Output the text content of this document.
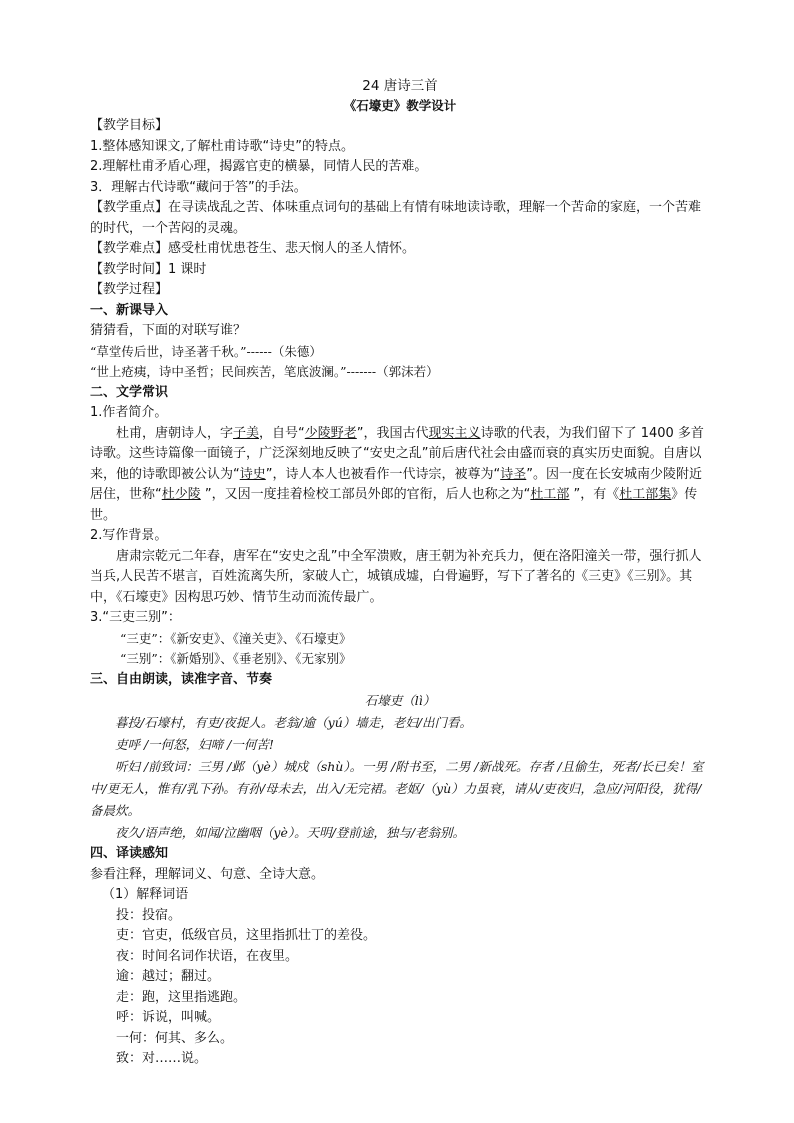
24 唐诗三首
《石壕吏》教学设计
【教学目标】
1.整体感知课文,了解杜甫诗歌“诗史”的特点。
2.理解杜甫矛盾心理，揭露官吏的横暴，同情人民的苦难。
3．理解古代诗歌“藏问于答”的手法。
【教学重点】在寻读战乱之苦、体味重点词句的基础上有情有味地读诗歌，理解一个苦命的家庭，一个苦难的时代，一个苦闷的灵魂。
【教学难点】感受杜甫忧患苍生、悲天悯人的圣人情怀。
【教学时间】1 课时
【教学过程】
一、新课导入
猜猜看，下面的对联写谁？
“草堂传后世，诗圣著千秋。”------（朱德）
“世上疮痍，诗中圣哲；民间疾苦，笔底波澜。”-------（郭沫若）
二、文学常识
1.作者简介。
杜甫，唐朝诗人，字子美，自号“少陵野老”，我国古代现实主义诗歌的代表，为我们留下了 1400 多首诗歌。这些诗篇像一面镜子，广泛深刻地反映了“安史之乱”前后唐代社会由盛而衰的真实历史面貌。自唐以来，他的诗歌即被公认为“诗史”，诗人本人也被看作一代诗宗，被尊为“诗圣”。因一度在长安城南少陵附近居住，世称“杜少陵 ”，又因一度挂着检校工部员外郎的官衔，后人也称之为“杜工部 ”，有《杜工部集》传世。
2.写作背景。
唐肃宗乾元二年春，唐军在“安史之乱”中全军溃败，唐王朝为补充兵力，便在洛阳潼关一带，强行抓人当兵,人民苦不堪言，百姓流离失所，家破人亡，城镇成墟，白骨遍野，写下了著名的《三吏》《三别》。其中，《石壕吏》因构思巧妙、情节生动而流传最广。
3.“三吏三别”：
“三吏”：《新安吏》、《潼关吏》、《石壕吏》
“三别”：《新婚别》、《垂老别》、《无家别》
三、自由朗读，读准字音、节奏
石壕吏（lì）
暮投/石壕村，有吏/夜捉人。老翁/逾（yú）墙走，老妇/出门看。
吏呼 /一何怒，妇啼 /一何苦!
听妇 /前致词：三男 /邺（yè）城戍（shù）。一男 /附书至，二男 /新战死。存者 /且偷生，死者/长已矣！室中/更无人，惟有/乳下孙。有孙/母未去，出入/无完裙。老妪/（yù）力虽衰，请从/吏夜归，急应/河阳役，犹得/备晨炊。
夜久/语声绝，如闻/泣幽咽（yè）。天明/登前途，独与/老翁别。
四、译读感知
参看注释，理解词义、句意、全诗大意。
（1）解释词语
投：投宿。
吏：官吏，低级官员，这里指抓壮丁的差役。
夜：时间名词作状语，在夜里。
逾：越过；翻过。
走：跑，这里指逃跑。
呼：诉说，叫喊。
一何：何其、多么。
致：对……说。
